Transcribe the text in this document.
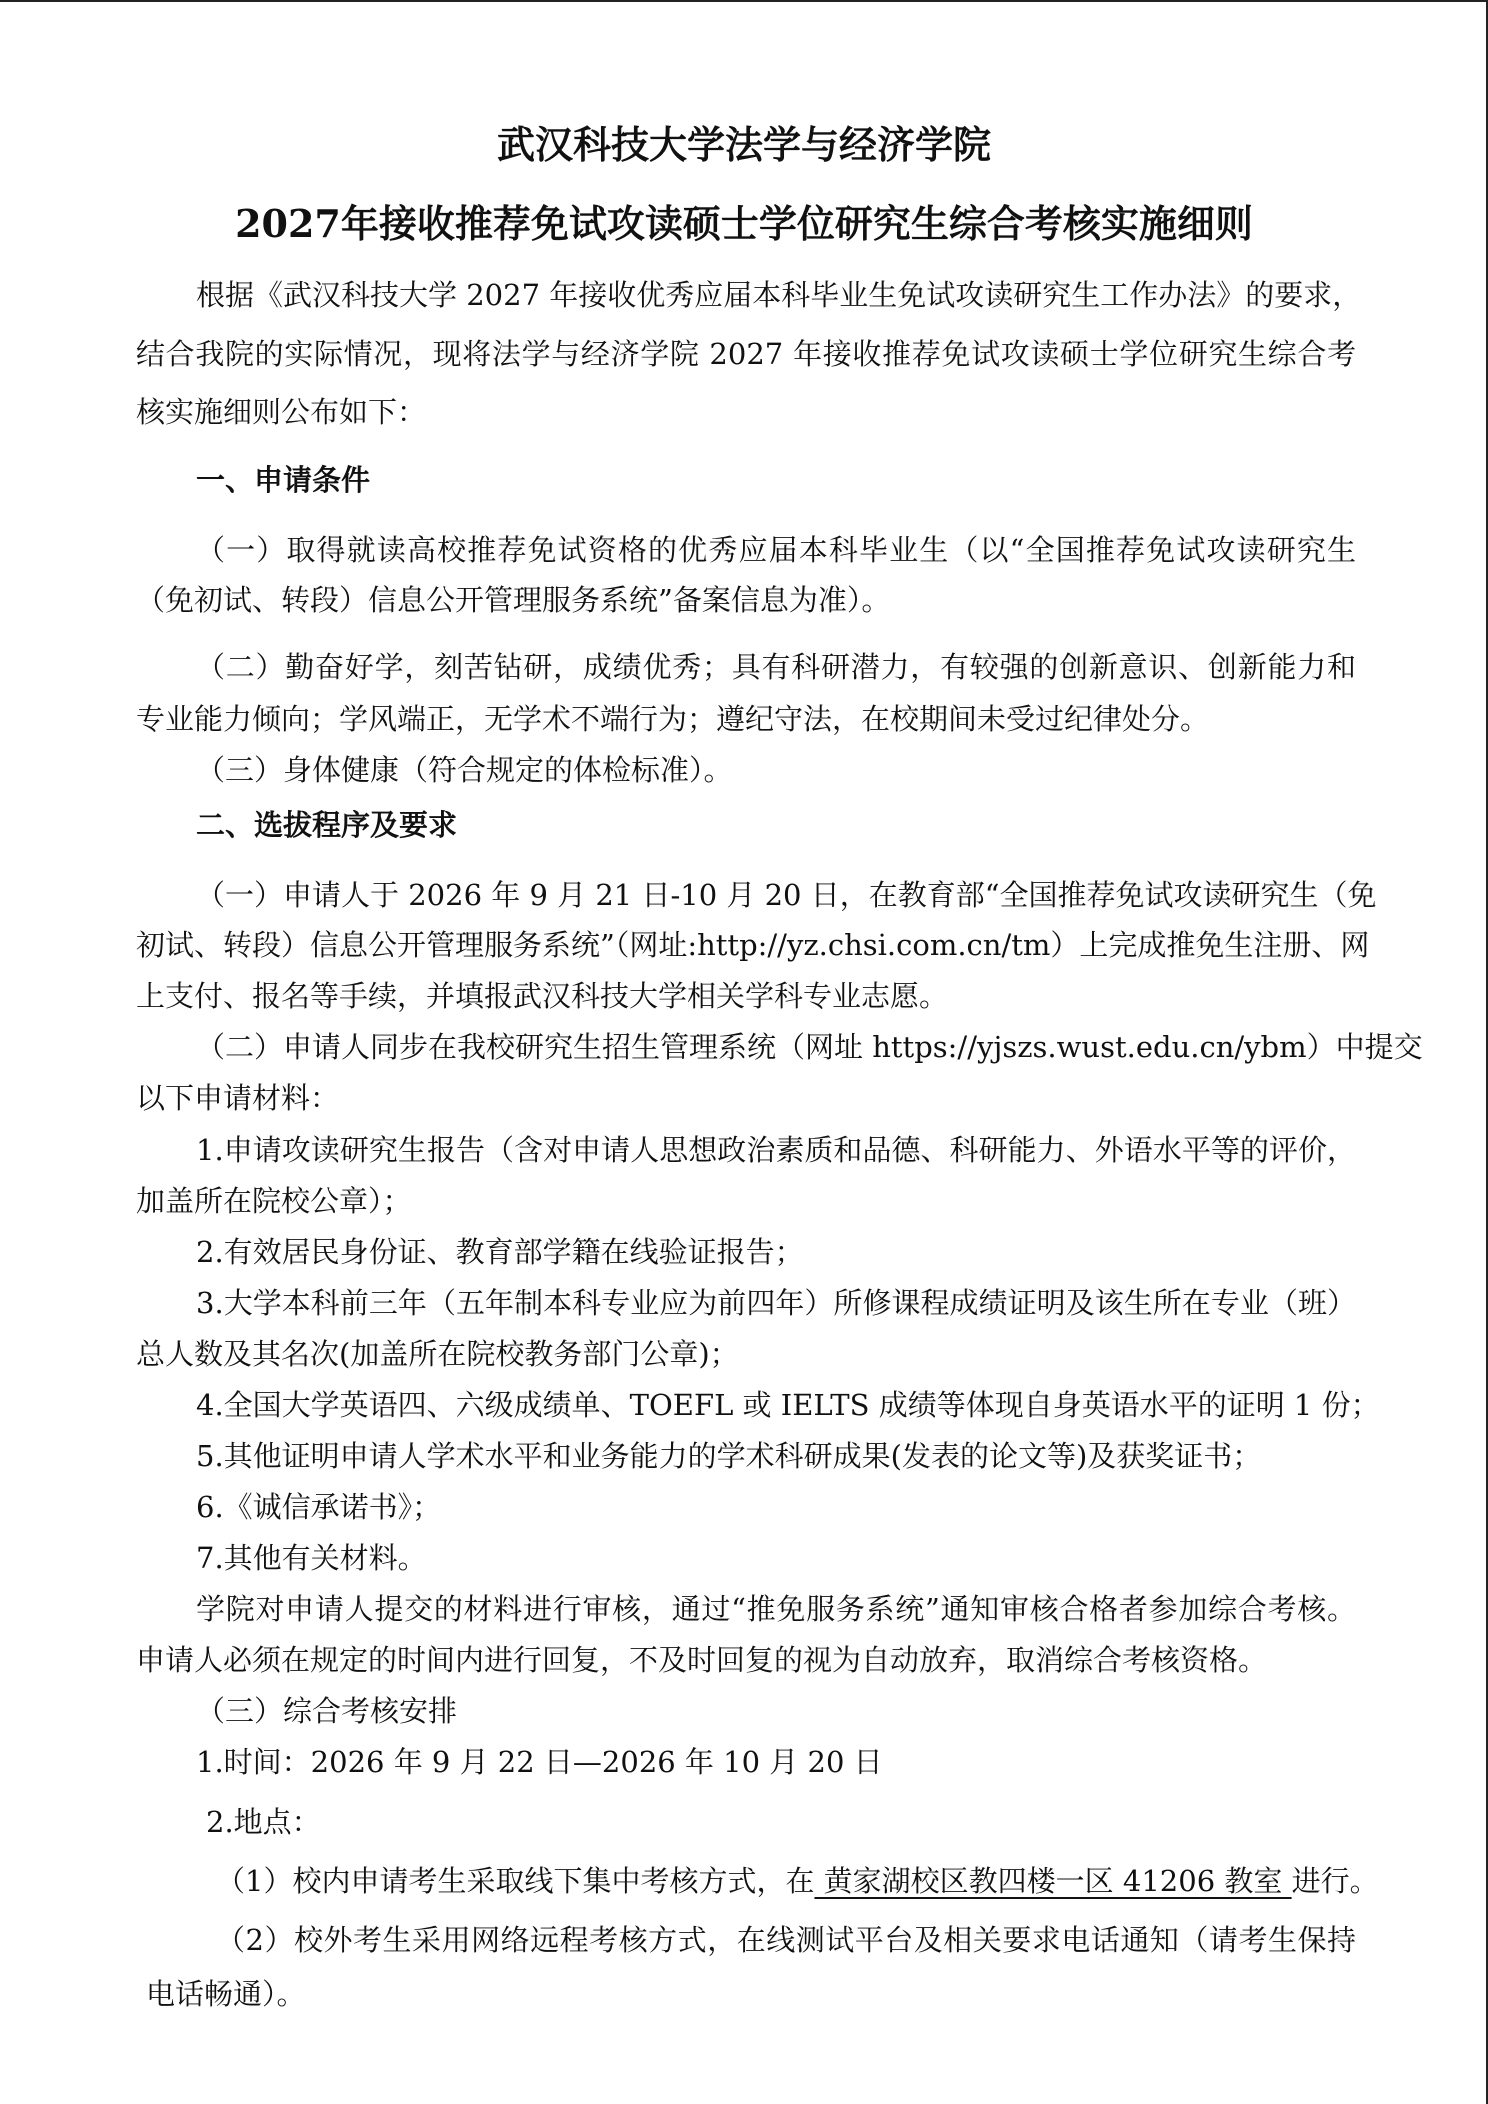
武汉科技大学法学与经济学院
2027年接收推荐免试攻读硕士学位研究生综合考核实施细则
根据《武汉科技大学 2027 年接收优秀应届本科毕业生免试攻读研究生工作办法》的要求，
结合我院的实际情况，现将法学与经济学院 2027 年接收推荐免试攻读硕士学位研究生综合考
核实施细则公布如下：
一、申请条件
（一）取得就读高校推荐免试资格的优秀应届本科毕业生（以“全国推荐免试攻读研究生
（免初试、转段）信息公开管理服务系统”备案信息为准）。
（二）勤奋好学，刻苦钻研，成绩优秀；具有科研潜力，有较强的创新意识、创新能力和
专业能力倾向；学风端正，无学术不端行为；遵纪守法，在校期间未受过纪律处分。
（三）身体健康（符合规定的体检标准）。
二、选拔程序及要求
（一）申请人于 2026 年 9 月 21 日-10 月 20 日，在教育部“全国推荐免试攻读研究生（免
初试、转段）信息公开管理服务系统”（网址:http://yz.chsi.com.cn/tm）上完成推免生注册、网
上支付、报名等手续，并填报武汉科技大学相关学科专业志愿。
（二）申请人同步在我校研究生招生管理系统（网址 https://yjszs.wust.edu.cn/ybm）中提交
以下申请材料：
1.申请攻读研究生报告（含对申请人思想政治素质和品德、科研能力、外语水平等的评价，
加盖所在院校公章）；
2.有效居民身份证、教育部学籍在线验证报告；
3.大学本科前三年（五年制本科专业应为前四年）所修课程成绩证明及该生所在专业（班）
总人数及其名次(加盖所在院校教务部门公章)；
4.全国大学英语四、六级成绩单、TOEFL 或 IELTS 成绩等体现自身英语水平的证明 1 份；
5.其他证明申请人学术水平和业务能力的学术科研成果(发表的论文等)及获奖证书；
6.《诚信承诺书》；
7.其他有关材料。
学院对申请人提交的材料进行审核，通过“推免服务系统”通知审核合格者参加综合考核。
申请人必须在规定的时间内进行回复，不及时回复的视为自动放弃，取消综合考核资格。
（三）综合考核安排
1.时间：2026 年 9 月 22 日—2026 年 10 月 20 日
2.地点：
（1）校内申请考生采取线下集中考核方式，在 黄家湖校区教四楼一区 41206 教室 进行。
（2）校外考生采用网络远程考核方式，在线测试平台及相关要求电话通知（请考生保持
电话畅通）。
